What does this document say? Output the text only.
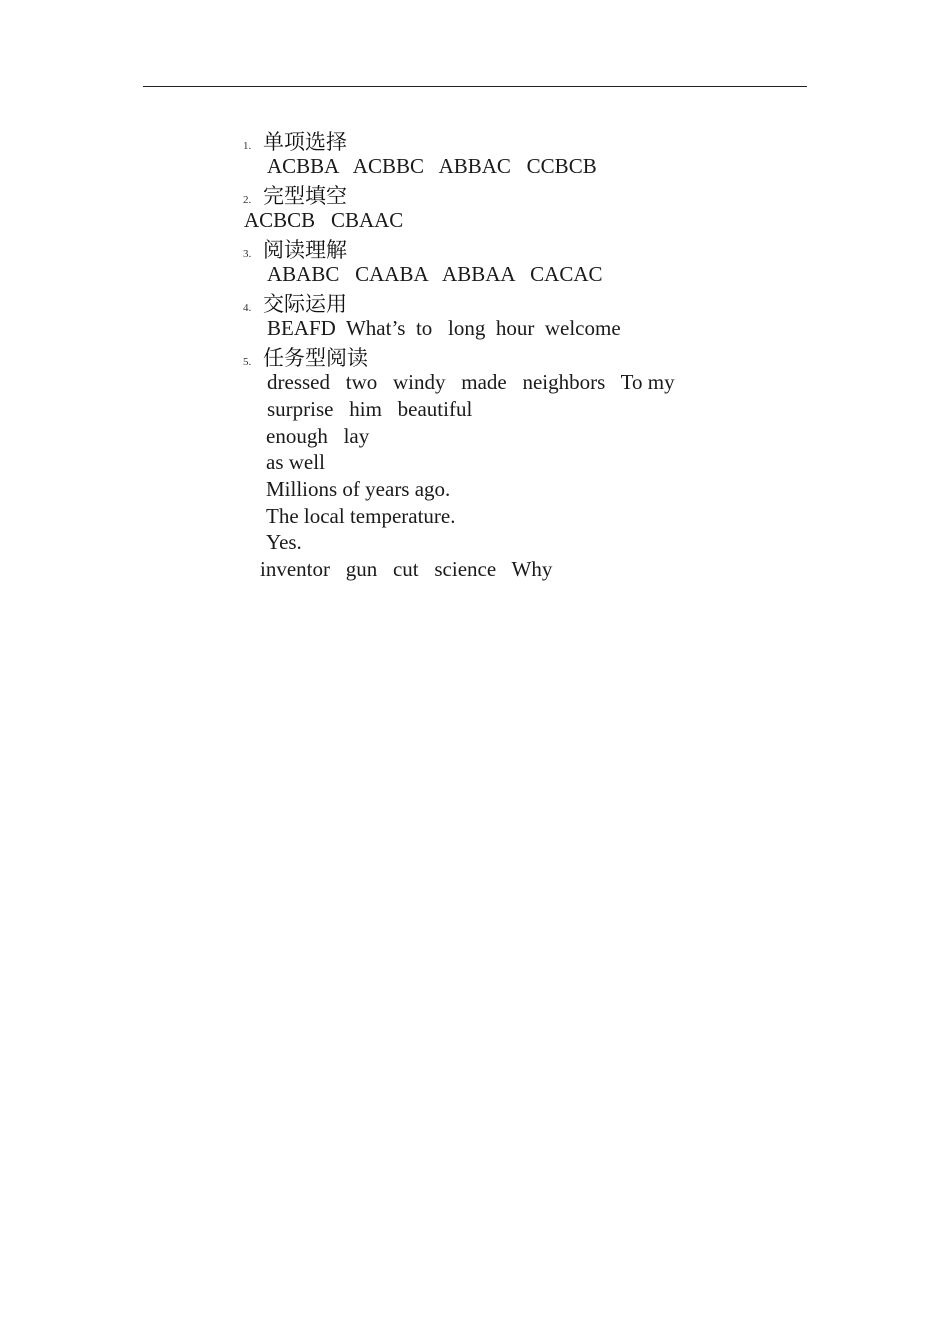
1. 单项选择
ACBBA   ACBBC   ABBAC   CCBCB
2. 完型填空
ACBCB   CBAAC
3. 阅读理解
ABABC   CAABA   ABBAA   CACAC
4. 交际运用
BEAFD  What’s  to   long  hour  welcome
5. 任务型阅读
dressed   two   windy   made   neighbors   To my
surprise   him   beautiful
enough   lay
as well
Millions of years ago.
The local temperature.
Yes.
inventor   gun   cut   science   Why
